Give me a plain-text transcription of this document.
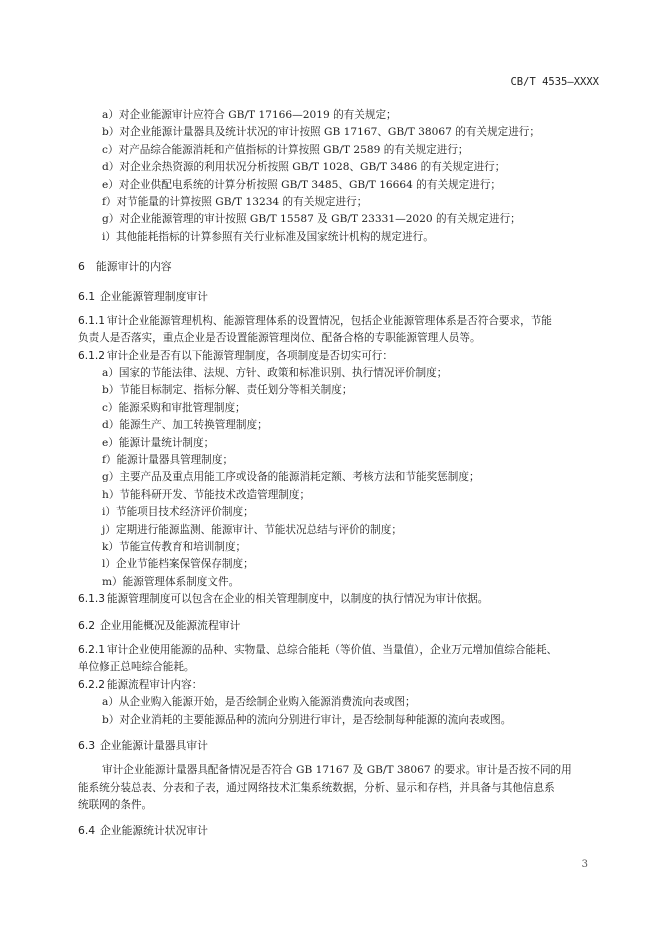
CB/T 4535—XXXX
a）对企业能源审计应符合 GB/T 17166—2019 的有关规定；
b）对企业能源计量器具及统计状况的审计按照 GB 17167、GB/T 38067 的有关规定进行；
c）对产品综合能源消耗和产值指标的计算按照 GB/T 2589 的有关规定进行；
d）对企业余热资源的利用状况分析按照 GB/T 1028、GB/T 3486 的有关规定进行；
e）对企业供配电系统的计算分析按照 GB/T 3485、GB/T 16664 的有关规定进行；
f）对节能量的计算按照 GB/T 13234 的有关规定进行；
g）对企业能源管理的审计按照 GB/T 15587 及 GB/T 23331—2020 的有关规定进行；
i）其他能耗指标的计算参照有关行业标准及国家统计机构的规定进行。
6 能源审计的内容
6.1 企业能源管理制度审计
6.1.1 审计企业能源管理机构、能源管理体系的设置情况，包括企业能源管理体系是否符合要求，节能
负责人是否落实，重点企业是否设置能源管理岗位、配备合格的专职能源管理人员等。
6.1.2 审计企业是否有以下能源管理制度，各项制度是否切实可行：
a）国家的节能法律、法规、方针、政策和标准识别、执行情况评价制度；
b）节能目标制定、指标分解、责任划分等相关制度；
c）能源采购和审批管理制度；
d）能源生产、加工转换管理制度；
e）能源计量统计制度；
f）能源计量器具管理制度；
g）主要产品及重点用能工序或设备的能源消耗定额、考核方法和节能奖惩制度；
h）节能科研开发、节能技术改造管理制度；
i）节能项目技术经济评价制度；
j）定期进行能源监测、能源审计、节能状况总结与评价的制度；
k）节能宣传教育和培训制度；
l）企业节能档案保管保存制度；
m）能源管理体系制度文件。
6.1.3 能源管理制度可以包含在企业的相关管理制度中，以制度的执行情况为审计依据。
6.2 企业用能概况及能源流程审计
6.2.1 审计企业使用能源的品种、实物量、总综合能耗（等价值、当量值），企业万元增加值综合能耗、
单位修正总吨综合能耗。
6.2.2 能源流程审计内容：
a）从企业购入能源开始，是否绘制企业购入能源消费流向表或图；
b）对企业消耗的主要能源品种的流向分别进行审计，是否绘制每种能源的流向表或图。
6.3 企业能源计量器具审计
审计企业能源计量器具配备情况是否符合 GB 17167 及 GB/T 38067 的要求。审计是否按不同的用
能系统分装总表、分表和子表，通过网络技术汇集系统数据，分析、显示和存档，并具备与其他信息系
统联网的条件。
6.4 企业能源统计状况审计
3
